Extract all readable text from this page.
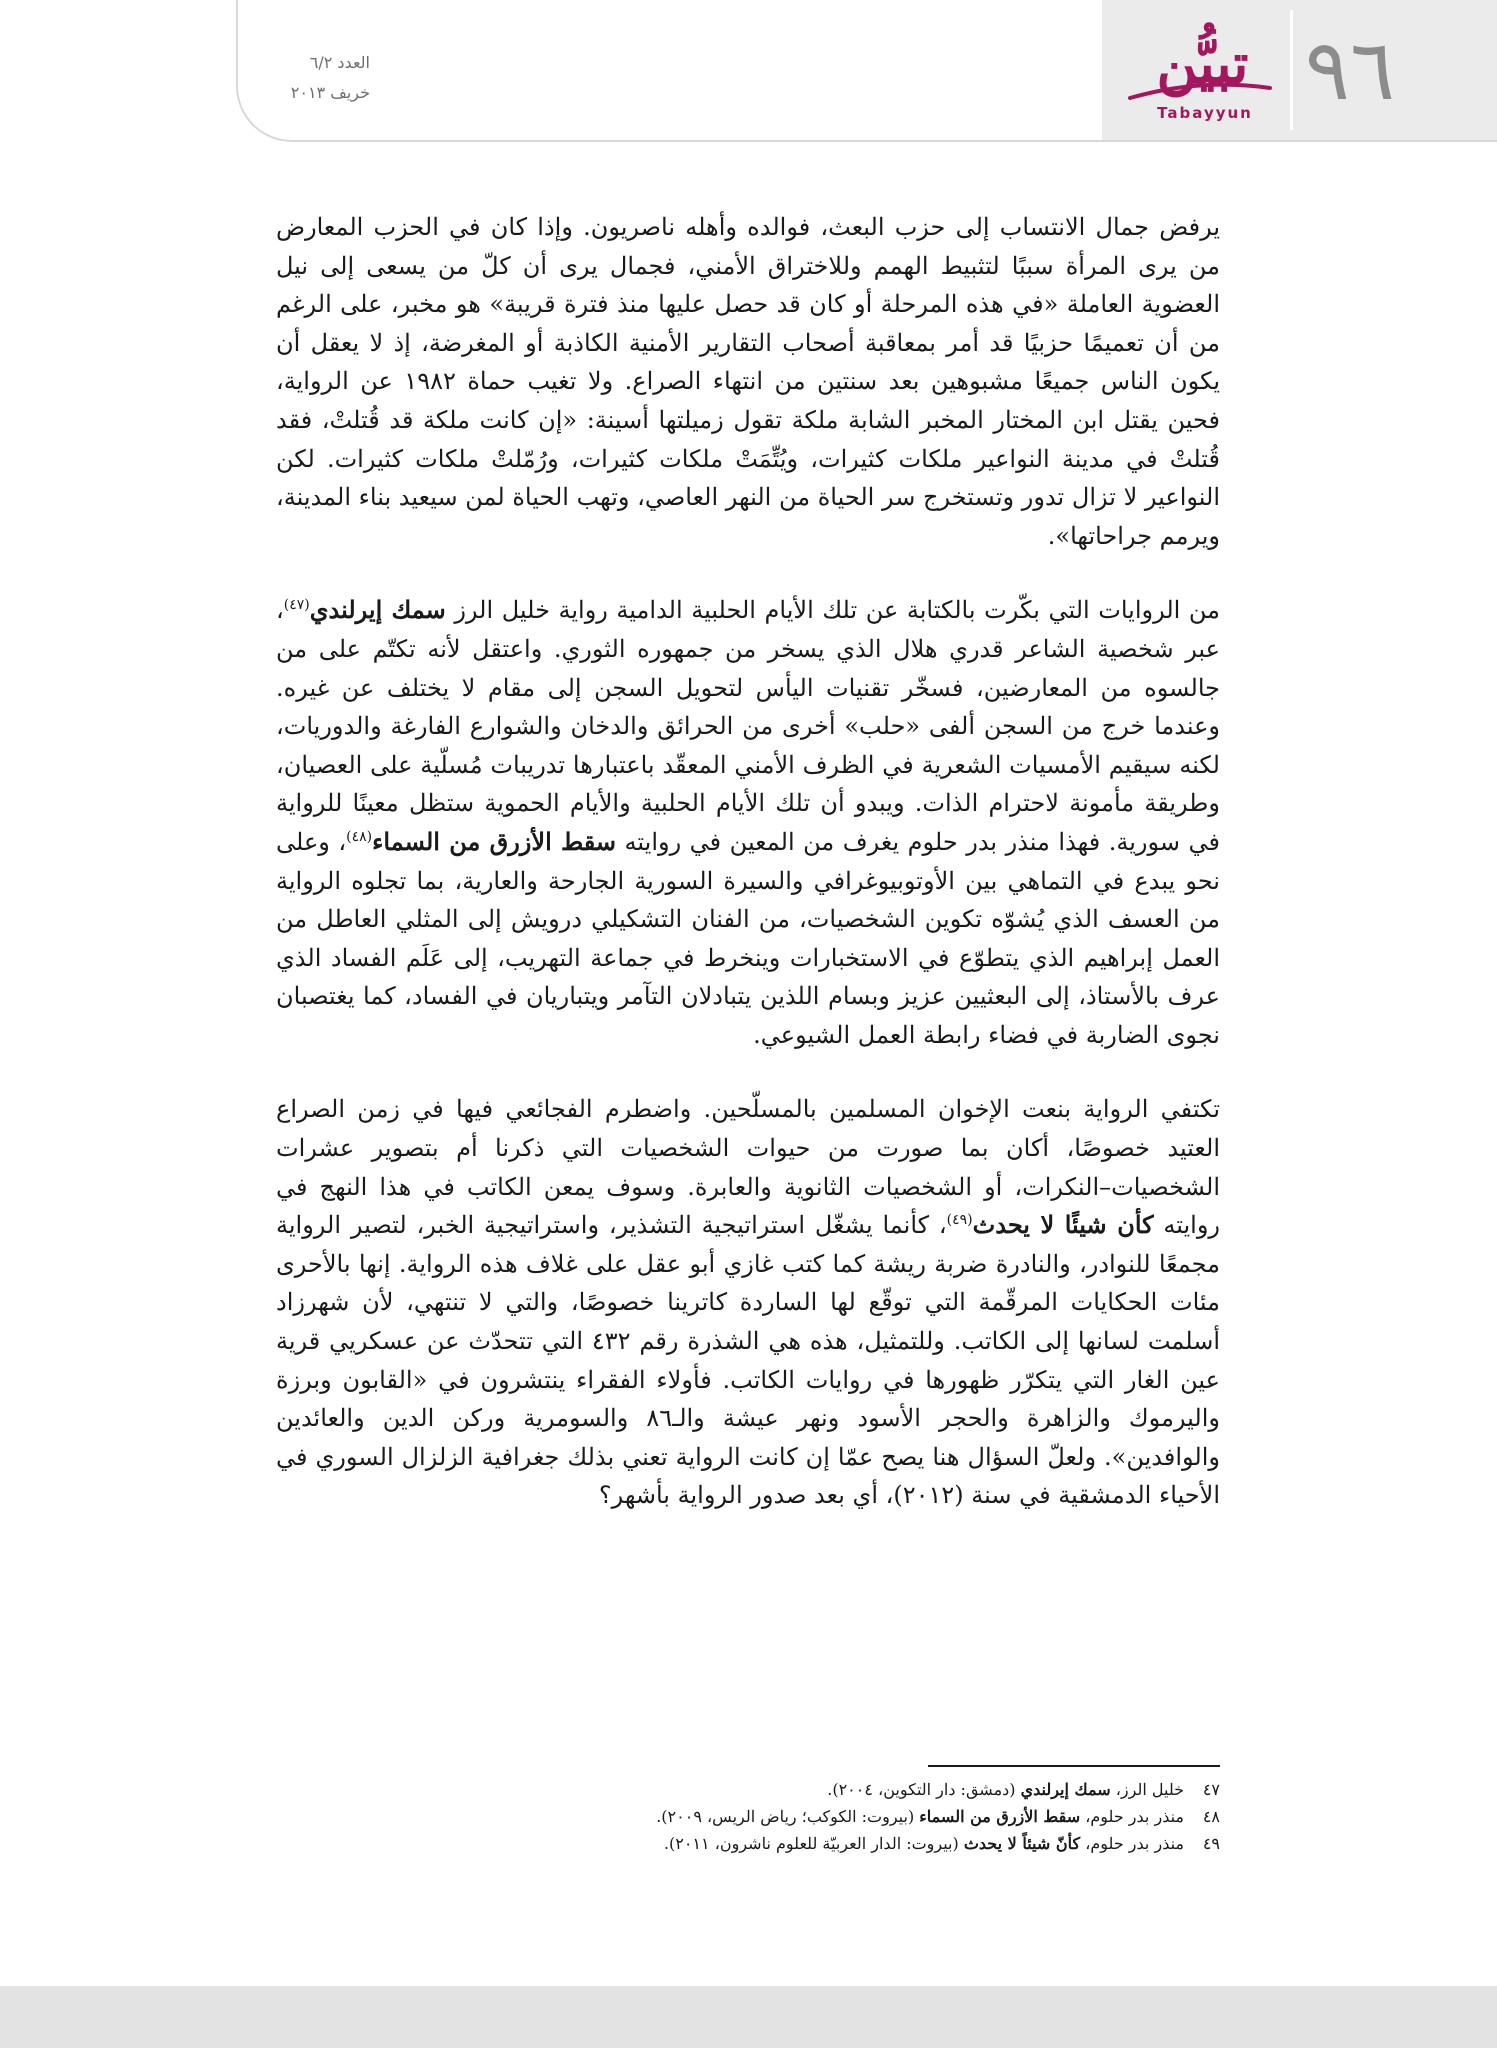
٩٦
تبيُّن
Tabayyun
العدد ٦/٢
خريف ٢٠١٣

يرفض جمال الانتساب إلى حزب البعث، فوالده وأهله ناصريون. وإذا كان في الحزب المعارض من يرى المرأة سببًا لتثبيط الهمم وللاختراق الأمني، فجمال يرى أن كلّ من يسعى إلى نيل العضوية العاملة «في هذه المرحلة أو كان قد حصل عليها منذ فترة قريبة» هو مخبر، على الرغم من أن تعميمًا حزبيًا قد أمر بمعاقبة أصحاب التقارير الأمنية الكاذبة أو المغرضة، إذ لا يعقل أن يكون الناس جميعًا مشبوهين بعد سنتين من انتهاء الصراع. ولا تغيب حماة ١٩٨٢ عن الرواية، فحين يقتل ابن المختار المخبر الشابة ملكة تقول زميلتها أسينة: «إن كانت ملكة قد قُتلتْ، فقد قُتلتْ في مدينة النواعير ملكات كثيرات، ويُتِّمَتْ ملكات كثيرات، ورُمّلتْ ملكات كثيرات. لكن النواعير لا تزال تدور وتستخرج سر الحياة من النهر العاصي، وتهب الحياة لمن سيعيد بناء المدينة، ويرمم جراحاتها».

من الروايات التي بكّرت بالكتابة عن تلك الأيام الحلبية الدامية رواية خليل الرز سمك إيرلندي$^{(٤٧)}$، عبر شخصية الشاعر قدري هلال الذي يسخر من جمهوره الثوري. واعتقل لأنه تكتّم على من جالسوه من المعارضين، فسخّر تقنيات اليأس لتحويل السجن إلى مقام لا يختلف عن غيره. وعندما خرج من السجن ألفى «حلب» أخرى من الحرائق والدخان والشوارع الفارغة والدوريات، لكنه سيقيم الأمسيات الشعرية في الظرف الأمني المعقّد باعتبارها تدريبات مُسلّية على العصيان، وطريقة مأمونة لاحترام الذات. ويبدو أن تلك الأيام الحلبية والأيام الحموية ستظل معينًا للرواية في سورية. فهذا منذر بدر حلوم يغرف من المعين في روايته سقط الأزرق من السماء$^{(٤٨)}$، وعلى نحو يبدع في التماهي بين الأوتوبيوغرافي والسيرة السورية الجارحة والعارية، بما تجلوه الرواية من العسف الذي يُشوّه تكوين الشخصيات، من الفنان التشكيلي درويش إلى المثلي العاطل من العمل إبراهيم الذي يتطوّع في الاستخبارات وينخرط في جماعة التهريب، إلى عَلَم الفساد الذي عرف بالأستاذ، إلى البعثيين عزيز وبسام اللذين يتبادلان التآمر ويتباريان في الفساد، كما يغتصبان نجوى الضاربة في فضاء رابطة العمل الشيوعي.

تكتفي الرواية بنعت الإخوان المسلمين بالمسلّحين. واضطرم الفجائعي فيها في زمن الصراع العتيد خصوصًا، أكان بما صورت من حيوات الشخصيات التي ذكرنا أم بتصوير عشرات الشخصيات–النكرات، أو الشخصيات الثانوية والعابرة. وسوف يمعن الكاتب في هذا النهج في روايته كأن شيئًا لا يحدث$^{(٤٩)}$، كأنما يشغّل استراتيجية التشذير، واستراتيجية الخبر، لتصير الرواية مجمعًا للنوادر، والنادرة ضربة ريشة كما كتب غازي أبو عقل على غلاف هذه الرواية. إنها بالأحرى مئات الحكايات المرقّمة التي توقّع لها الساردة كاترينا خصوصًا، والتي لا تنتهي، لأن شهرزاد أسلمت لسانها إلى الكاتب. وللتمثيل، هذه هي الشذرة رقم ٤٣٢ التي تتحدّث عن عسكريي قرية عين الغار التي يتكرّر ظهورها في روايات الكاتب. فأولاء الفقراء ينتشرون في «القابون وبرزة واليرموك والزاهرة والحجر الأسود ونهر عيشة والـ٨٦ والسومرية وركن الدين والعائدين والوافدين». ولعلّ السؤال هنا يصح عمّا إن كانت الرواية تعني بذلك جغرافية الزلزال السوري في الأحياء الدمشقية في سنة (٢٠١٢)، أي بعد صدور الرواية بأشهر؟

٤٧
خليل الرز، سمك إيرلندي (دمشق: دار التكوين، ٢٠٠٤).
٤٨
منذر بدر حلوم، سقط الأزرق من السماء (بيروت: الكوكب؛ رياض الريس، ٢٠٠٩).
٤٩
منذر بدر حلوم، كأنّ شيئاً لا يحدث (بيروت: الدار العربيّة للعلوم ناشرون، ٢٠١١).
